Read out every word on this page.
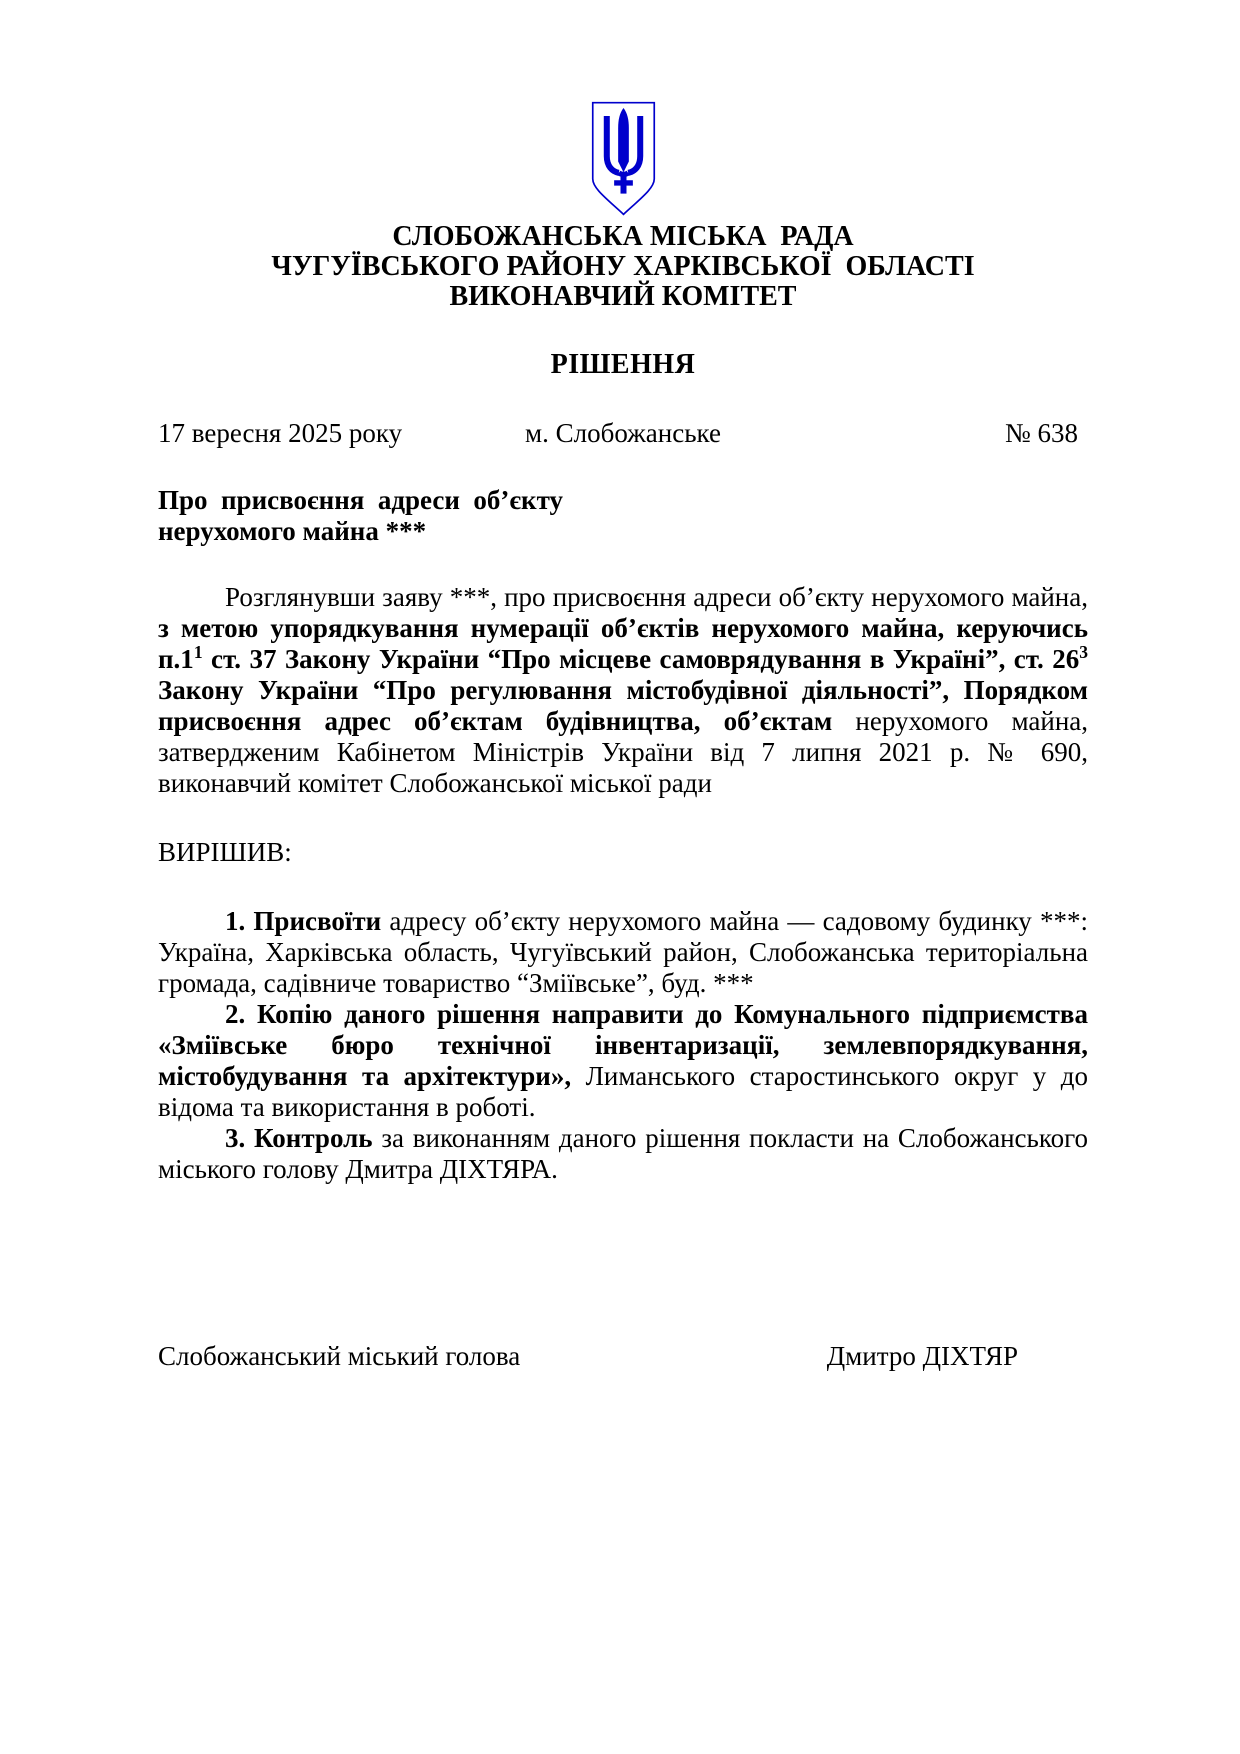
СЛОБОЖАНСЬКА МІСЬКА  РАДА
ЧУГУЇВСЬКОГО РАЙОНУ ХАРКІВСЬКОЇ  ОБЛАСТІ
ВИКОНАВЧИЙ КОМІТЕТ
РІШЕННЯ
17 вересня 2025 року	м. Слобожанське	№ 638
Про присвоєння адреси об’єкту
нерухомого майна ***

Розглянувши заяву ***, про присвоєння адреси об’єкту нерухомого майна, з метою упорядкування нумерації об’єктів нерухомого майна, керуючись $п.1^1$ ст. 37 Закону України “Про місцеве самоврядування в Україні”, ст. $26^3$ Закону України “Про регулювання містобудівної діяльності”, Порядком присвоєння адрес об’єктам будівництва, об’єктам нерухомого майна, затвердженим Кабінетом Міністрів України від 7 липня 2021 р. № 690, виконавчий комітет Слобожанської міської ради

ВИРІШИВ:

1. Присвоїти адресу об’єкту нерухомого майна — садовому будинку ***: Україна, Харківська область, Чугуївський район, Слобожанська територіальна громада, садівниче товариство “Зміївське”, буд. ***

2. Копію даного рішення направити до Комунального підприємства «Зміївське бюро технічної інвентаризації, землевпорядкування, містобудування та архітектури», Лиманського старостинського округ у до відома та використання в роботі.

3. Контроль за виконанням даного рішення покласти на Слобожанського міського голову Дмитра ДІХТЯРА.

Слобожанський міський голова	Дмитро ДІХТЯР
